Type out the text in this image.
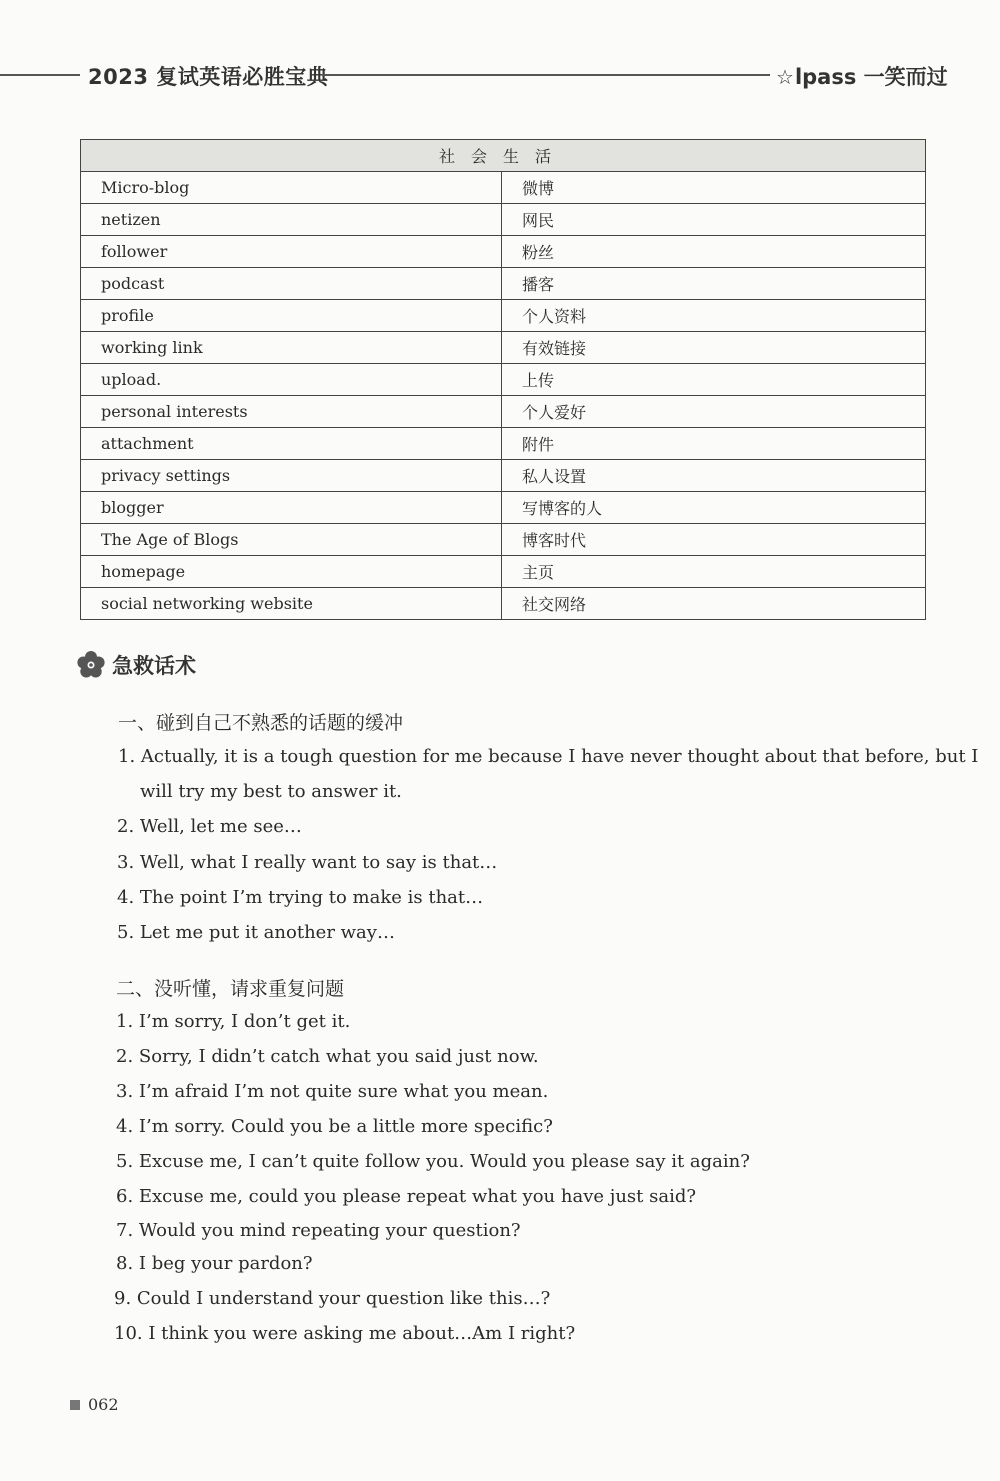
2023 复试英语必胜宝典	☆lpass 一笑而过
社会生活	
Micro-blog	微博
netizen	网民
follower	粉丝
podcast	播客
profile	个人资料
working link	有效链接
upload.	上传
personal interests	个人爱好
attachment	附件
privacy settings	私人设置
blogger	写博客的人
The Age of Blogs	博客时代
homepage	主页
social networking website	社交网络
急救话术
一、碰到自己不熟悉的话题的缓冲
1. Actually, it is a tough question for me because I have never thought about that before, but I
will try my best to answer it.
2. Well, let me see…
3. Well, what I really want to say is that…
4. The point I’m trying to make is that…
5. Let me put it another way…
二、没听懂，请求重复问题
1. I’m sorry, I don’t get it.
2. Sorry, I didn’t catch what you said just now.
3. I’m afraid I’m not quite sure what you mean.
4. I’m sorry. Could you be a little more specific?
5. Excuse me, I can’t quite follow you. Would you please say it again?
6. Excuse me, could you please repeat what you have just said?
7. Would you mind repeating your question?
8. I beg your pardon?
9. Could I understand your question like this…?
10. I think you were asking me about…Am I right?
062
